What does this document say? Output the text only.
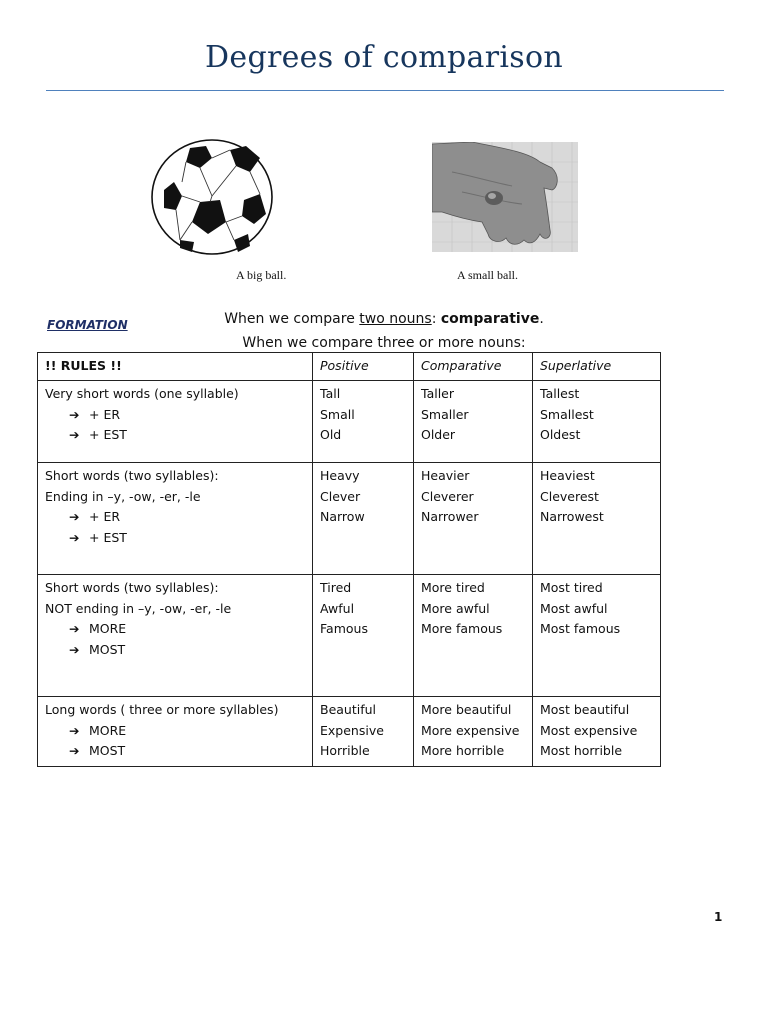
Degrees of comparison
A big ball.	A small ball.
FORMATION	When we compare two nouns: comparative.
When we compare three or more nouns:
!! RULES !!	Positive	Comparative	Superlative

Very short words (one syllable)
➔ + ER
➔ + EST	Tall
Small
Old	Taller
Smaller
Older	Tallest
Smallest
Oldest

Short words (two syllables):
Ending in –y, -ow, -er, -le
➔ + ER
➔ + EST	Heavy
Clever
Narrow	Heavier
Cleverer
Narrower	Heaviest
Cleverest
Narrowest

Short words (two syllables):
NOT ending in –y, -ow, -er, -le
➔ MORE
➔ MOST	Tired
Awful
Famous	More tired
More awful
More famous	Most tired
Most awful
Most famous

Long words ( three or more syllables)
➔ MORE
➔ MOST	Beautiful
Expensive
Horrible	More beautiful
More expensive
More horrible	Most beautiful
Most expensive
Most horrible
1
